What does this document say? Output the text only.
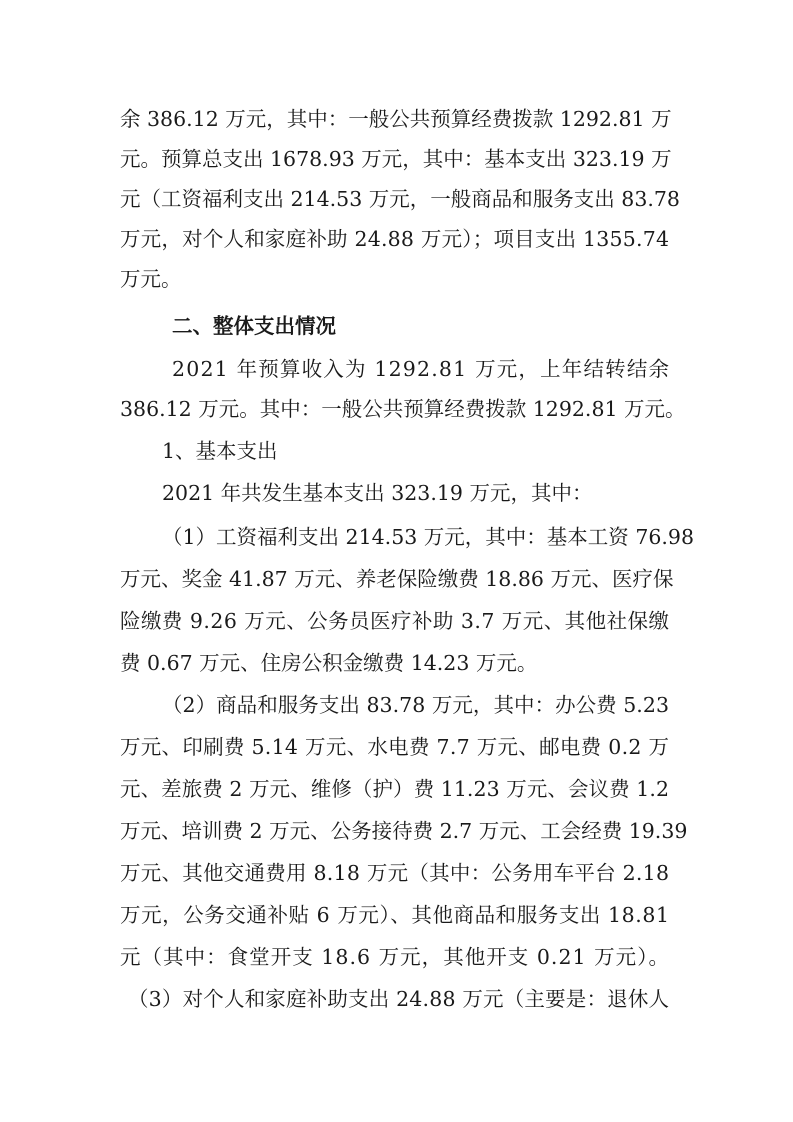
余 386.12 万元，其中：一般公共预算经费拨款 1292.81 万
元。预算总支出 1678.93 万元，其中：基本支出 323.19 万
元（工资福利支出 214.53 万元，一般商品和服务支出 83.78
万元，对个人和家庭补助 24.88 万元）；项目支出 1355.74
万元。
二、整体支出情况
2021 年预算收入为 1292.81 万元，上年结转结余
386.12 万元。其中：一般公共预算经费拨款 1292.81 万元。
1、基本支出
2021 年共发生基本支出 323.19 万元，其中：
（1）工资福利支出 214.53 万元，其中：基本工资 76.98
万元、奖金 41.87 万元、养老保险缴费 18.86 万元、医疗保
险缴费 9.26 万元、公务员医疗补助 3.7 万元、其他社保缴
费 0.67 万元、住房公积金缴费 14.23 万元。
（2）商品和服务支出 83.78 万元，其中：办公费 5.23
万元、印刷费 5.14 万元、水电费 7.7 万元、邮电费 0.2 万
元、差旅费 2 万元、维修（护）费 11.23 万元、会议费 1.2
万元、培训费 2 万元、公务接待费 2.7 万元、工会经费 19.39
万元、其他交通费用 8.18 万元（其中：公务用车平台 2.18
万元，公务交通补贴 6 万元）、其他商品和服务支出 18.81
元（其中：食堂开支 18.6 万元，其他开支 0.21 万元）。
（3）对个人和家庭补助支出 24.88 万元（主要是：退休人
